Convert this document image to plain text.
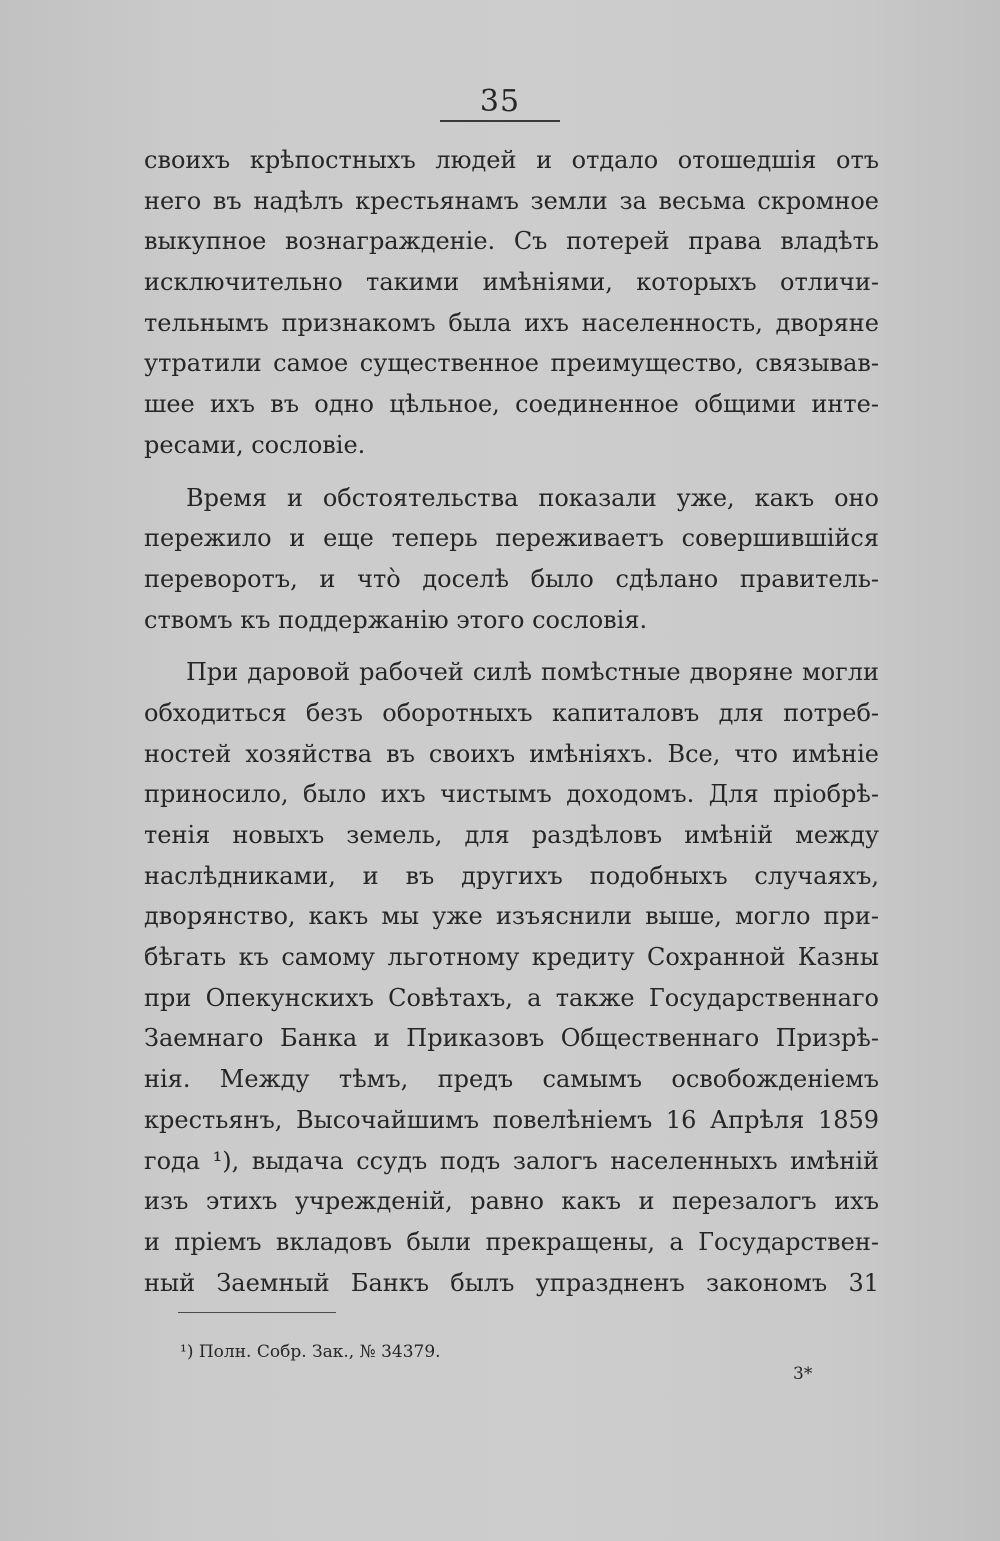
35
своихъ крѣпостныхъ людей и отдало отошедшія отъ
него въ надѣлъ крестьянамъ земли за весьма скромное
выкупное вознагражденіе. Съ потерей права владѣть
исключительно такими имѣніями, которыхъ отличи-
тельнымъ признакомъ была ихъ населенность, дворяне
утратили самое существенное преимущество, связывав-
шее ихъ въ одно цѣльное, соединенное общими инте-
ресами, сословіе.
Время и обстоятельства показали уже, какъ оно
пережило и еще теперь переживаетъ совершившійся
переворотъ, и что̀ доселѣ было сдѣлано правитель-
ствомъ къ поддержанію этого сословія.
При даровой рабочей силѣ помѣстные дворяне могли
обходиться безъ оборотныхъ капиталовъ для потреб-
ностей хозяйства въ своихъ имѣніяхъ. Все, что имѣніе
приносило, было ихъ чистымъ доходомъ. Для пріобрѣ-
тенія новыхъ земель, для раздѣловъ имѣній между
наслѣдниками, и въ другихъ подобныхъ случаяхъ,
дворянство, какъ мы уже изъяснили выше, могло при-
бѣгать къ самому льготному кредиту Сохранной Казны
при Опекунскихъ Совѣтахъ, а также Государственнаго
Заемнаго Банка и Приказовъ Общественнаго Призрѣ-
нія. Между тѣмъ, предъ самымъ освобожденіемъ
крестьянъ, Высочайшимъ повелѣніемъ 16 Апрѣля 1859
года ¹), выдача ссудъ подъ залогъ населенныхъ имѣній
изъ этихъ учрежденій, равно какъ и перезалогъ ихъ
и пріемъ вкладовъ были прекращены, а Государствен-
ный Заемный Банкъ былъ упраздненъ закономъ 31
¹) Полн. Собр. Зак., № 34379.
3*
